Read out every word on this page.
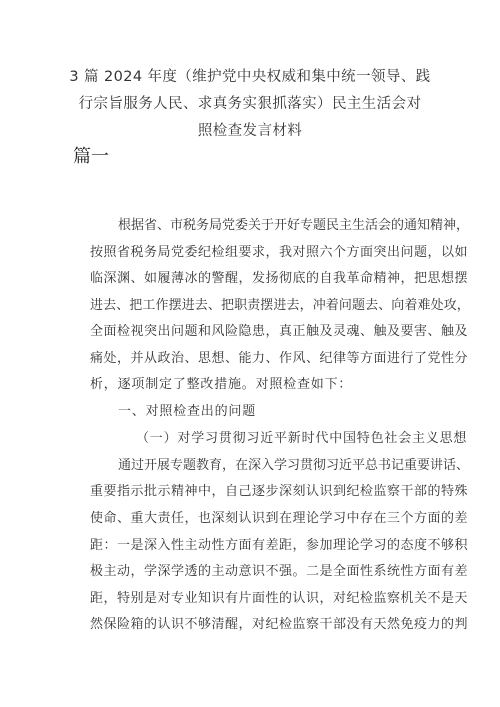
3 篇 2024 年度（维护党中央权威和集中统一领导、践
行宗旨服务人民、求真务实狠抓落实）民主生活会对
照检查发言材料
篇一
根据省、市税务局党委关于开好专题民主生活会的通知精神，
按照省税务局党委纪检组要求，我对照六个方面突出问题，以如
临深渊、如履薄冰的警醒，发扬彻底的自我革命精神，把思想摆
进去、把工作摆进去、把职责摆进去，冲着问题去、向着难处攻，
全面检视突出问题和风险隐患，真正触及灵魂、触及要害、触及
痛处，并从政治、思想、能力、作风、纪律等方面进行了党性分
析，逐项制定了整改措施。对照检查如下：
一、对照检查出的问题
（一）对学习贯彻习近平新时代中国特色社会主义思想
通过开展专题教育，在深入学习贯彻习近平总书记重要讲话、
重要指示批示精神中，自己逐步深刻认识到纪检监察干部的特殊
使命、重大责任，也深刻认识到在理论学习中存在三个方面的差
距：一是深入性主动性方面有差距，参加理论学习的态度不够积
极主动，学深学透的主动意识不强。二是全面性系统性方面有差
距，特别是对专业知识有片面性的认识，对纪检监察机关不是天
然保险箱的认识不够清醒，对纪检监察干部没有天然免疫力的判
